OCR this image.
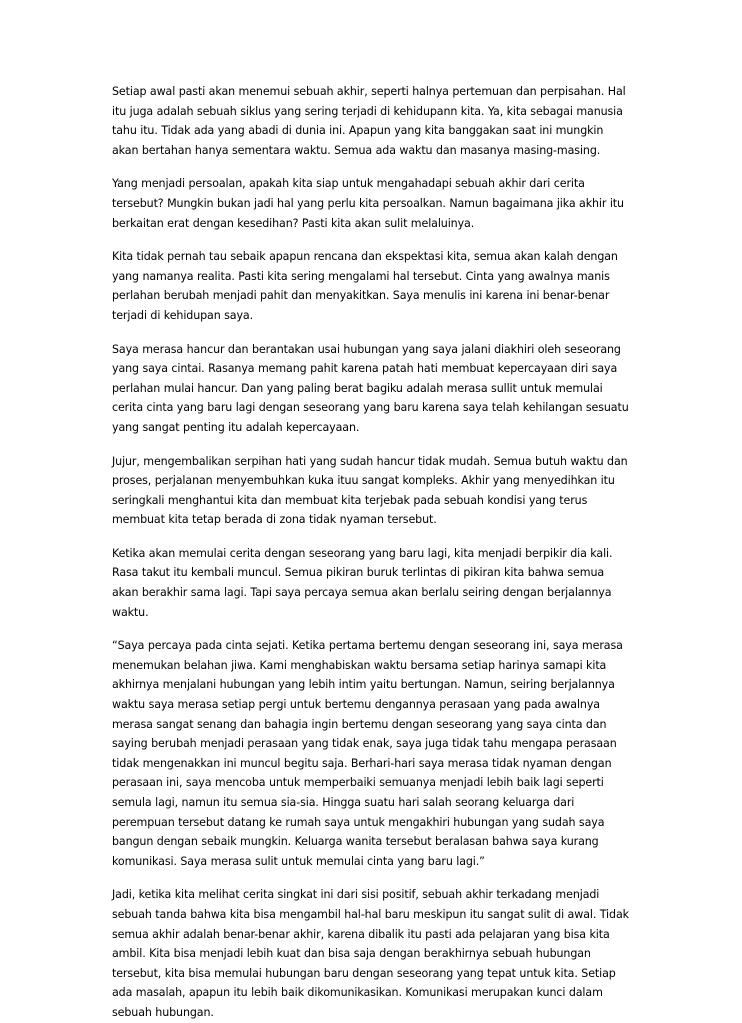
Setiap awal pasti akan menemui sebuah akhir, seperti halnya pertemuan dan perpisahan. Hal itu juga adalah sebuah siklus yang sering terjadi di kehidupann kita. Ya, kita sebagai manusia tahu itu. Tidak ada yang abadi di dunia ini. Apapun yang kita banggakan saat ini mungkin akan bertahan hanya sementara waktu. Semua ada waktu dan masanya masing-masing.

Yang menjadi persoalan, apakah kita siap untuk mengahadapi sebuah akhir dari cerita tersebut? Mungkin bukan jadi hal yang perlu kita persoalkan. Namun bagaimana jika akhir itu berkaitan erat dengan kesedihan? Pasti kita akan sulit melaluinya.

Kita tidak pernah tau sebaik apapun rencana dan ekspektasi kita, semua akan kalah dengan yang namanya realita. Pasti kita sering mengalami hal tersebut. Cinta yang awalnya manis perlahan berubah menjadi pahit dan menyakitkan. Saya menulis ini karena ini benar-benar terjadi di kehidupan saya.

Saya merasa hancur dan berantakan usai hubungan yang saya jalani diakhiri oleh seseorang yang saya cintai. Rasanya memang pahit karena patah hati membuat kepercayaan diri saya perlahan mulai hancur. Dan yang paling berat bagiku adalah merasa sullit untuk memulai cerita cinta yang baru lagi dengan seseorang yang baru karena saya telah kehilangan sesuatu yang sangat penting itu adalah kepercayaan.

Jujur, mengembalikan serpihan hati yang sudah hancur tidak mudah. Semua butuh waktu dan proses, perjalanan menyembuhkan kuka ituu sangat kompleks. Akhir yang menyedihkan itu seringkali menghantui kita dan membuat kita terjebak pada sebuah kondisi yang terus membuat kita tetap berada di zona tidak nyaman tersebut.

Ketika akan memulai cerita dengan seseorang yang baru lagi, kita menjadi berpikir dia kali. Rasa takut itu kembali muncul. Semua pikiran buruk terlintas di pikiran kita bahwa semua akan berakhir sama lagi. Tapi saya percaya semua akan berlalu seiring dengan berjalannya waktu.

“Saya percaya pada cinta sejati. Ketika pertama bertemu dengan seseorang ini, saya merasa menemukan belahan jiwa. Kami menghabiskan waktu bersama setiap harinya samapi kita akhirnya menjalani hubungan yang lebih intim yaitu bertungan. Namun, seiring berjalannya waktu saya merasa setiap pergi untuk bertemu dengannya perasaan yang pada awalnya merasa sangat senang dan bahagia ingin bertemu dengan seseorang yang saya cinta dan saying berubah menjadi perasaan yang tidak enak, saya juga tidak tahu mengapa perasaan tidak mengenakkan ini muncul begitu saja. Berhari-hari saya merasa tidak nyaman dengan perasaan ini, saya mencoba untuk memperbaiki semuanya menjadi lebih baik lagi seperti semula lagi, namun itu semua sia-sia. Hingga suatu hari salah seorang keluarga dari perempuan tersebut datang ke rumah saya untuk mengakhiri hubungan yang sudah saya bangun dengan sebaik mungkin. Keluarga wanita tersebut beralasan bahwa saya kurang komunikasi. Saya merasa sulit untuk memulai cinta yang baru lagi.”

Jadi, ketika kita melihat cerita singkat ini dari sisi positif, sebuah akhir terkadang menjadi sebuah tanda bahwa kita bisa mengambil hal-hal baru meskipun itu sangat sulit di awal. Tidak semua akhir adalah benar-benar akhir, karena dibalik itu pasti ada pelajaran yang bisa kita ambil. Kita bisa menjadi lebih kuat dan bisa saja dengan berakhirnya sebuah hubungan tersebut, kita bisa memulai hubungan baru dengan seseorang yang tepat untuk kita. Setiap ada masalah, apapun itu lebih baik dikomunikasikan. Komunikasi merupakan kunci dalam sebuah hubungan.
